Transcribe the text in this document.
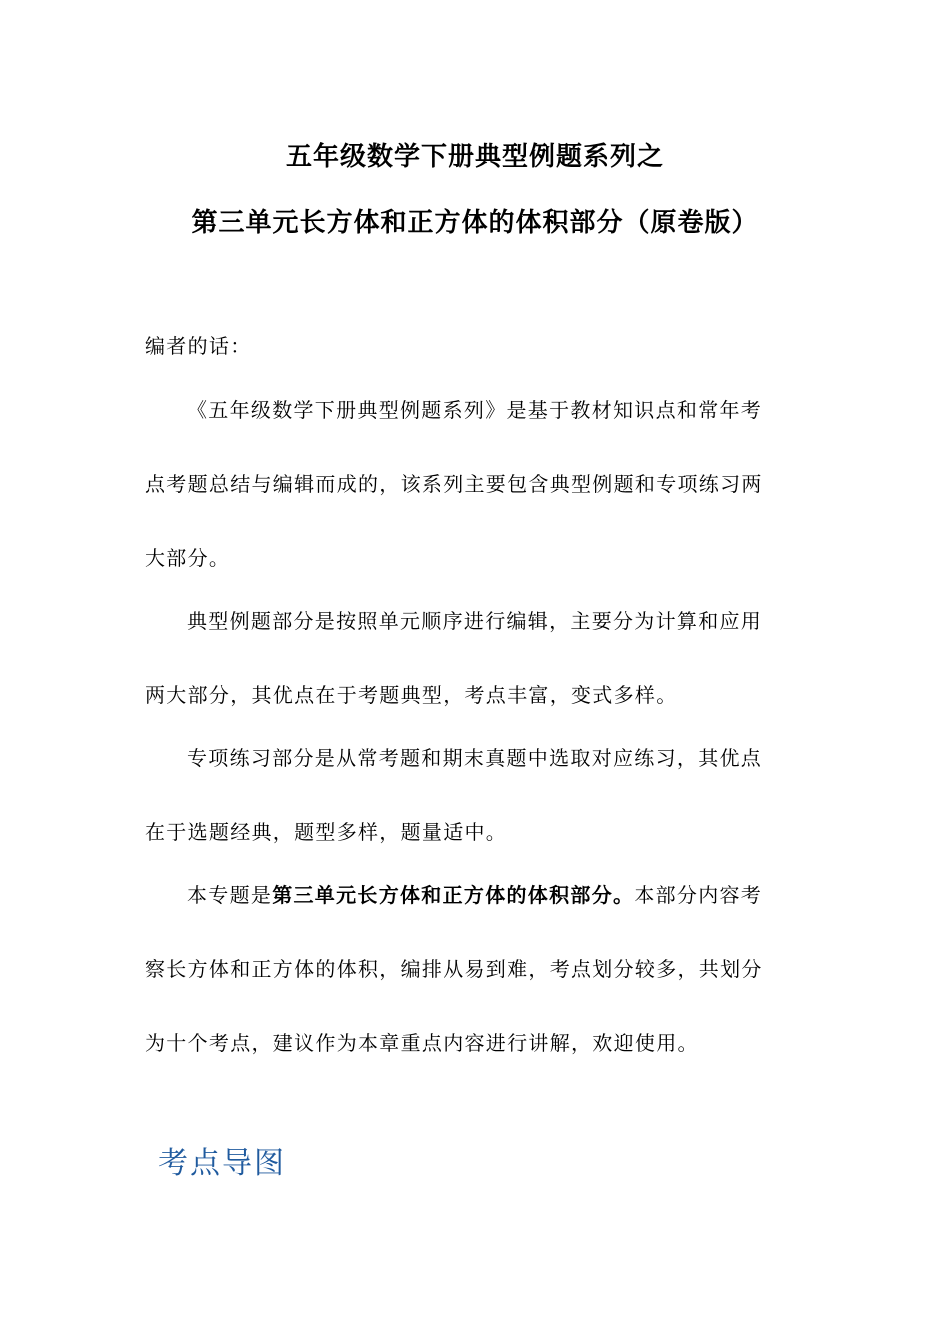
五年级数学下册典型例题系列之
第三单元长方体和正方体的体积部分（原卷版）
编者的话：
《五年级数学下册典型例题系列》是基于教材知识点和常年考
点考题总结与编辑而成的，该系列主要包含典型例题和专项练习两
大部分。
典型例题部分是按照单元顺序进行编辑，主要分为计算和应用
两大部分，其优点在于考题典型，考点丰富，变式多样。
专项练习部分是从常考题和期末真题中选取对应练习，其优点
在于选题经典，题型多样，题量适中。
本专题是第三单元长方体和正方体的体积部分。本部分内容考
察长方体和正方体的体积，编排从易到难，考点划分较多，共划分
为十个考点，建议作为本章重点内容进行讲解，欢迎使用。
考点导图
